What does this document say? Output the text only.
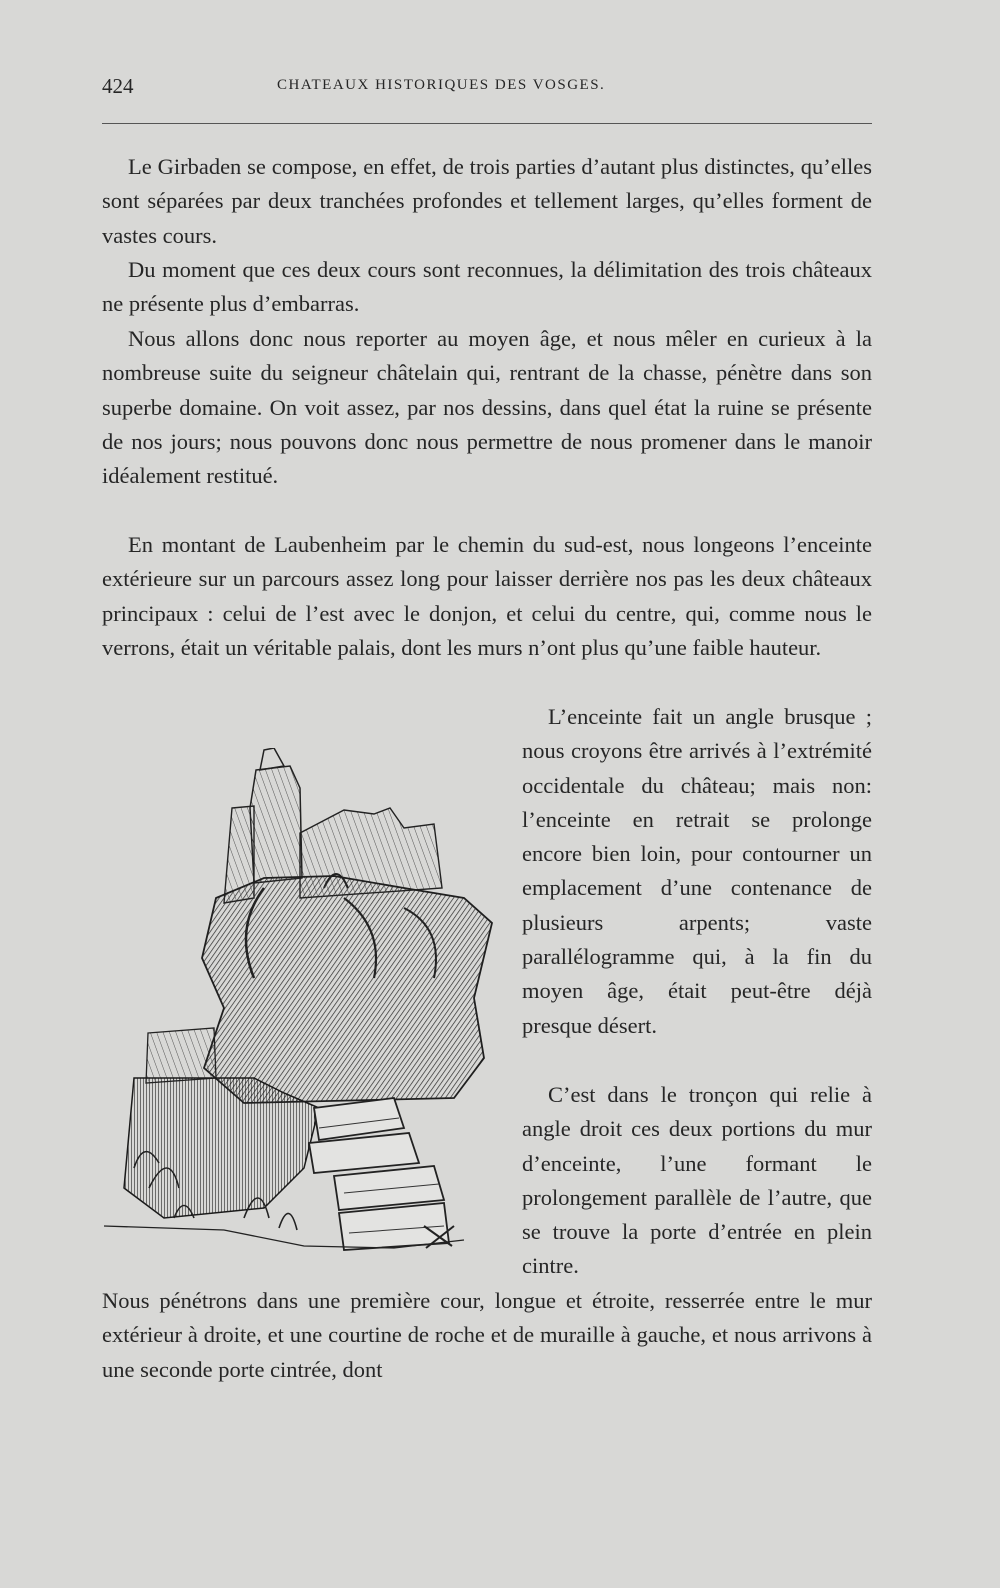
424	CHATEAUX HISTORIQUES DES VOSGES.

Le Girbaden se compose, en effet, de trois parties d’autant plus distinctes, qu’elles sont séparées par deux tranchées profondes et tellement larges, qu’elles forment de vastes cours.

Du moment que ces deux cours sont reconnues, la délimitation des trois châteaux ne présente plus d’embarras.

Nous allons donc nous reporter au moyen âge, et nous mêler en curieux à la nombreuse suite du seigneur châtelain qui, rentrant de la chasse, pénètre dans son superbe domaine. On voit assez, par nos dessins, dans quel état la ruine se présente de nos jours; nous pouvons donc nous permettre de nous promener dans le manoir idéalement restitué.

En montant de Laubenheim par le chemin du sud-est, nous longeons l’enceinte extérieure sur un parcours assez long pour laisser derrière nos pas les deux châteaux principaux : celui de l’est avec le donjon, et celui du centre, qui, comme nous le verrons, était un véritable palais, dont les murs n’ont plus qu’une faible hauteur.

L’enceinte fait un angle brusque ; nous croyons être arrivés à l’extrémité occidentale du château; mais non: l’enceinte en retrait se prolonge encore bien loin, pour contourner un emplacement d’une contenance de plusieurs arpents; vaste parallélogramme qui, à la fin du moyen âge, était peut-être déjà presque désert.

C’est dans le tronçon qui relie à angle droit ces deux portions du mur d’enceinte, l’une formant le prolongement parallèle de l’autre, que se trouve la porte d’entrée en plein cintre.

Nous pénétrons dans une première cour, longue et étroite, resserrée entre le mur extérieur à droite, et une courtine de roche et de muraille à gauche, et nous arrivons à une seconde porte cintrée, dont
